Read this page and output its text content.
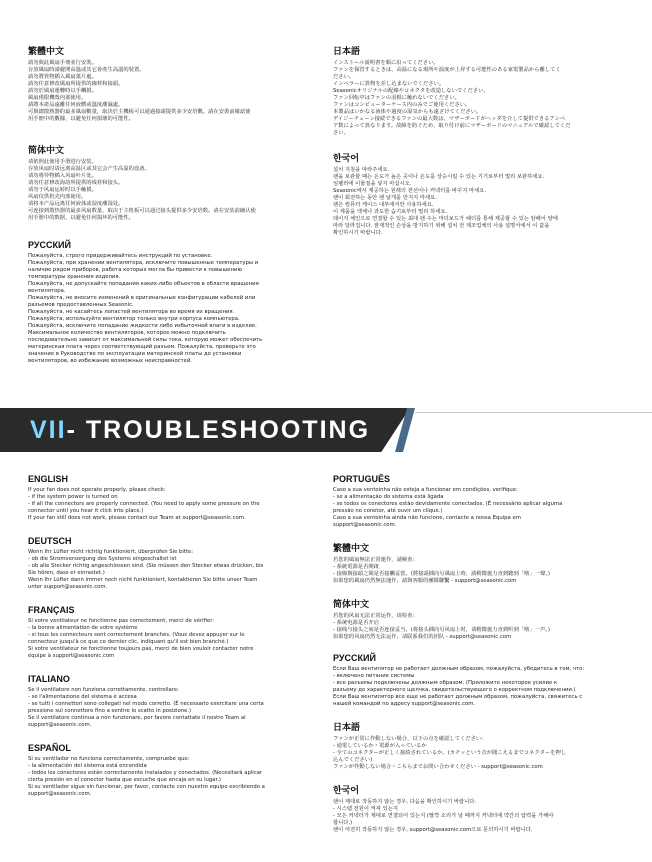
繁體中文

請勿與此風扇手冊並行安裝。
存放風扇時請避開高溫或其它會產生高溫的裝置。
請勿將異物插入風扇葉片處。
請勿任意修改風扇所提供的線材和接頭。
請勿於風扇運轉時以手觸摸。
風扇僅限機殼內部使用。
請將本產品遠離任何液體或溫度潮濕處。
可與總散熱器的最多風扇數量，取決於主機板可以通過接頭提供多少安培數。請在安裝前確認使
用手冊中的數據，以避免任何損壞的可能性。

简体中文

请依照此使用手册进行安装。
存放风扇时请远离高温区或其它会产生高温的设备。
请勿将异物插入风扇叶片处。
请勿任意修改海韵所提供的线材和接头。
请勿于风扇运转时以手触摸。
风扇仅供机壳内部使用。
请将本产品远离任何液体或湿度潮湿处。
可连接到散热器的最多风扇数量，取决于主机板可以通过接头提供多少安培数。请在安装前确认使
用手册中的数据，以避免任何损坏的可能性。

РУССКИЙ

Пожалуйста, строго придерживайтесь инструкций по установке.
Пожалуйста, при хранении вентилятора, исключите повышенные температуры и
наличие рядом приборов, работа которых могла бы привести к повышению
температуры хранения изделия.
Пожалуйста, не допускайте попадания каких-либо объектов в области вращения
вентилятора.
Пожалуйста, не вносите изменений в оригинальные конфигурации кабелей или
разъемов предоставленных Seasonic.
Пожалуйста, не касайтесь лопастей вентилятора во время их вращения.
Пожалуйста, используйте вентилятор только внутри корпуса компьютера.
Пожалуйста, исключите попадание жидкости либо избыточной влаги в изделие.
Максимальное количество вентиляторов, которое можно подключить
последовательно зависит от максимальной силы тока, которую может обеспечить
материнская плата через соответствующий разъем. Пожалуйста, проверьте это
значение в Руководстве по эксплуатации материнской платы до установки
вентиляторов, во избежание возможных неисправностей.

日本語

インストール説明書を順に沿ってください。
ファンを保管するときは、高温になる場所や温度が上昇する可能性のある家電製品から離してく
ださい。
インペラーに異物を差し込まないでください。
Seasonicオリジナルの配線やコネクタを改造しないでください。
ファン回転中はファンの羽根に触れないでください。
ファンはコンピューターケース内のみでご使用ください。
本製品はいかなる液体や過度の湿気からも遠ざけてください。
デイジーチェーン接続できるファンの最大数は、マザーボードがヘッダを介して提供できるアンペ
ア数によって異なります。故障を防ぐため、取り付け前にマザーボードのマニュアルで確認してくだ
さい。

한국어

설치 지침을 따라주세요.
팬을 보관할 때는 온도가 높은 곳이나 온도를 상승시킬 수 있는 기기로부터 멀리 보관하세요.
임펠러에 이물질을 넣지 마십시오.
Seasonic에서 제공하는 원래의 전선이나 커넥터를 바꾸지 마세요.
팬이 회전하는 동안 팬 날개를 만지지 마세요.
팬은 컴퓨터 케이스 내부에서만 사용하세요.
이 제품을 액체나 과도한 습기로부터 멀리 하세요.
데이지 체인으로 연결할 수 있는 최대 팬 수는 마더보드가 헤더를 통해 제공할 수 있는 암페어 양에
따라 달라집니다. 잠재적인 손상을 방지하기 위해 설치 전 제조업체의 사용 설명서에서 이 값을
확인하시기 바랍니다.

VII- TROUBLESHOOTING
ENGLISH

If your fan does not operate properly, please check:
- if the system power is turned on
- if all the connectors are properly connected. (You need to apply some pressure on the
connector until you hear it click into place.)
If your fan still does not work, please contact our Team at support@seasonic.com.

DEUTSCH

Wenn Ihr Lüfter nicht richtig funktioniert, überprüfen Sie bitte:
- ob die Stromversorgung des Systems eingeschaltet ist
- ob alle Stecker richtig angeschlossen sind. (Sie müssen den Stecker etwas drücken, bis
Sie hören, dass er einrastet.)
Wenn Ihr Lüfter dann immer noch nicht funktioniert, kontaktieren Sie bitte unser Team
unter support@seasonic.com.

FRANÇAIS

Si votre ventilateur ne fonctionne pas correctement, merci de vérifier:
- la bonne alimentation de votre système
- si tous les connecteurs sont correctement branchés. (Vous devez appuyer sur le
connecteur jusqu'à ce que ce dernier clic, indiquant qu'il est bien branché.)
Si votre ventilateur ne fonctionne toujours pas, merci de bien vouloir contacter notre
équipe à support@seasonic.com

ITALIANO

Se il ventilatore non funziona correttamente, controllare:
- se l'alimentazione del sistema è accesa
- se tutti i connettori sono collegati nel modo corretto. (È necessario esercitare una certa
pressione sul connettore fino a sentire lo scatto in posizione.)
Se il ventilatore continua a non funzionare, per favore contattate il nostro Team al
support@seasonic.com.

ESPAÑOL

Si su ventilador no funciona correctamente, compruebe que:
- la alimentación del sistema está encendida
- todos los conectores están correctamente instalados y conectados. (Necesitará aplicar
cierta presión en el conector hasta que escuche que encaja en su lugar.)
Si su ventilador sigue sin funcionar, por favor, contacte con nuestro equipo escribiendo a
support@seasonic.com.

PORTUGUÊS

Caso a sua ventoinha não esteja a funcionar em condições, verifique:
- se a alimentação do sistema está ligada
- se todos os conectores estão devidamente conectados. (É necessário aplicar alguma
pressão no conetor, até ouvir um clique.)
Caso a sua ventoinha ainda não funcione, contacte a nossa Equipa em
support@seasonic.com.

繁體中文

若您的風扇無法正常運作，請檢查:
- 系統電源是否開啟
- 接線與接頭之間是否接觸妥當。(將接頭插向另風扇上時，請稍微施力直到聽到「喀」一聲。)
如果您的風扇仍然無法運作，請與客服的團隊聯繫 - support@seasonic.com

简体中文

若您的风扇无法正常运作，请检查:
- 系统电源是否开启
- 接线与接头之间是否连接妥当。(将接头插向另风扇上时，请稍微施力直到听到「喀」一声。)
如果您的风扇仍然无法运作，请联系我们的团队 - support@seasonic.com

РУССКИЙ

Если Ваш вентилятор не работает должным образом, пожалуйста, убедитесь в том, что:
- включено питание системы
- все разъемы подключены должным образом. (Приложите некоторое усилие к
разъему до характерного щелчка, свидетельствующего о корректном подключении.)
Если Ваш вентилятор все еще не работает должным образом, пожалуйста, свяжитесь с
нашей командой по адресу support@seasonic.com.

日本語

ファンが正常に作動しない場合、以下の点を確認してください:
- 通電しているか・電源が入っているか
- 全てのコネクターが正しく接続されているか。(カチッという音が聞こえるまでコネクターを押し
込んでください)
ファンが作動しない場合・こちらまでお問い合わせください - support@seasonic.com

한국어

팬이 제대로 작동하지 않는 경우, 다음을 확인하시기 바랍니다.
- 시스템 전원이 켜져 있는지
- 모든 커넥터가 제대로 연결되어 있는지 (딸깍 소리가 날 때까지 커넥터에 약간의 압력을 가해야
합니다.)
팬이 여전히 작동하지 않는 경우, support@seasonic.com으로 문의하시기 바랍니다.
